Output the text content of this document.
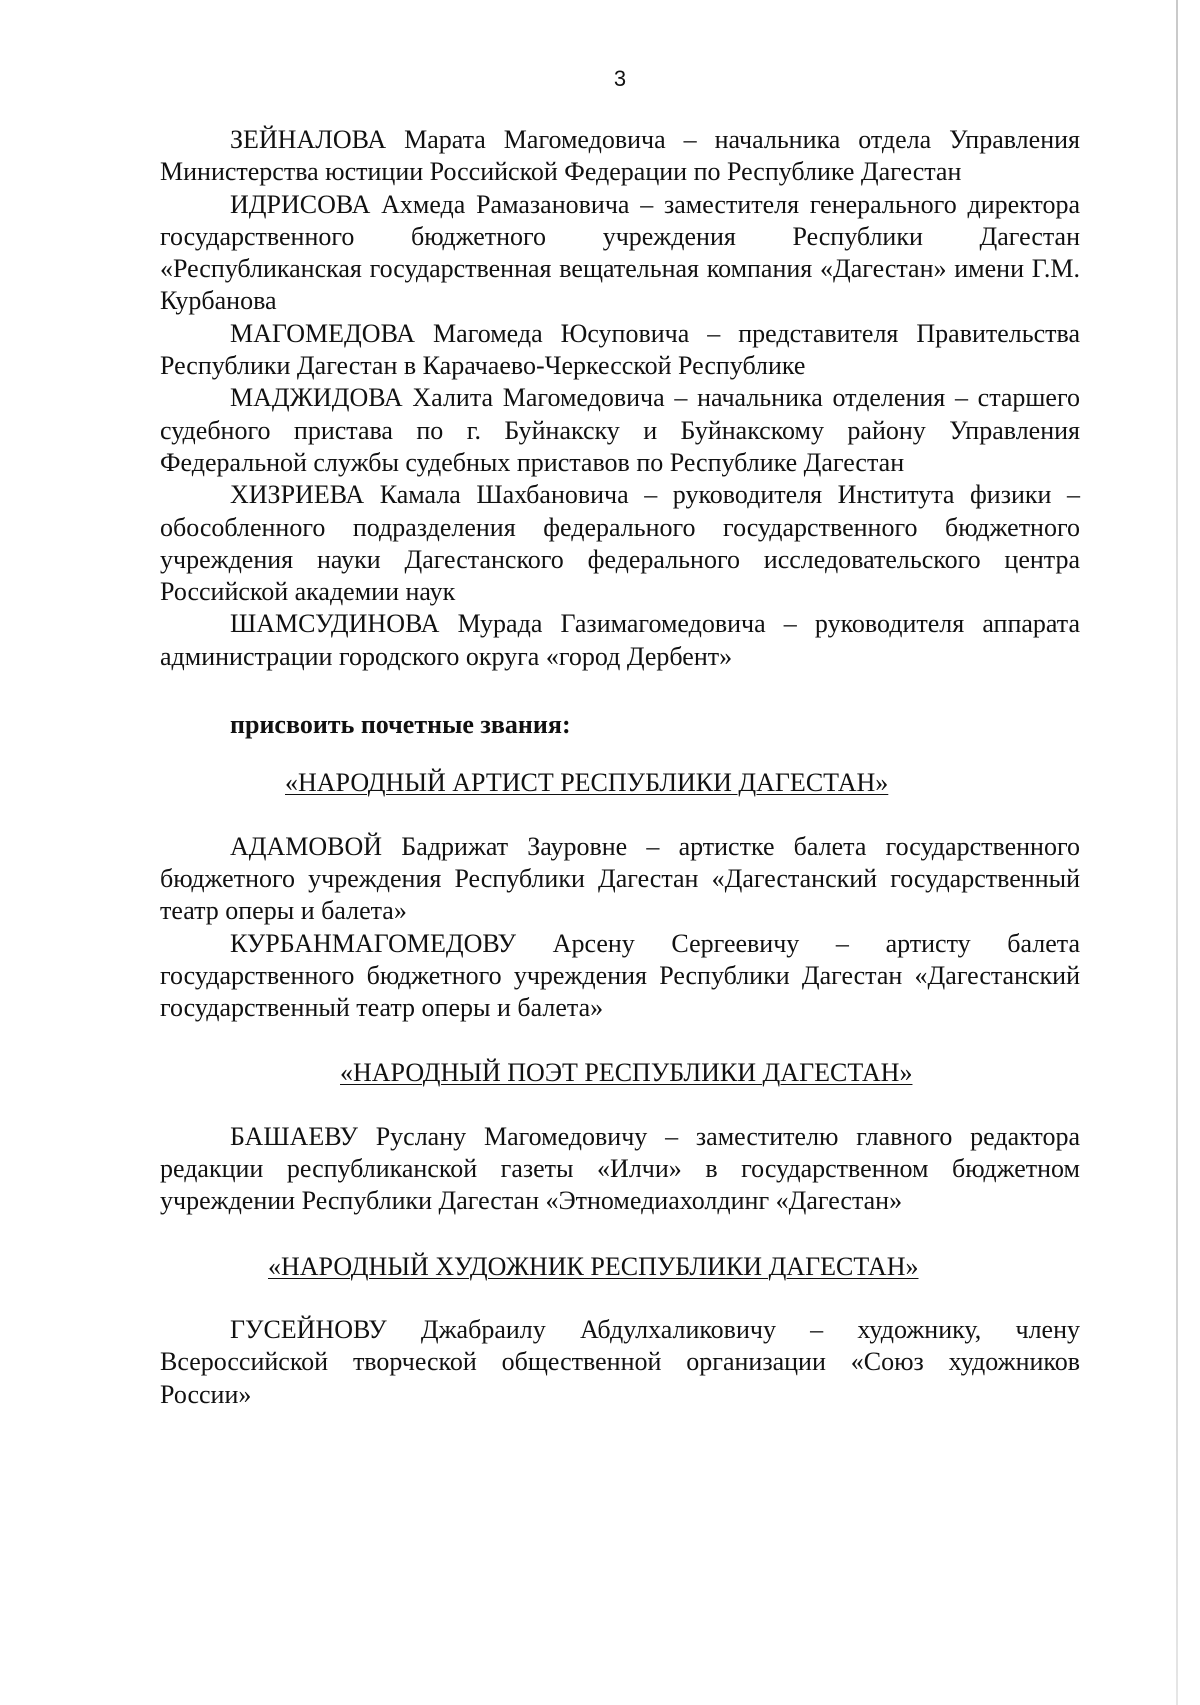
3

ЗЕЙНАЛОВА Марата Магомедовича – начальника отдела Управления Министерства юстиции Российской Федерации по Республике Дагестан

ИДРИСОВА Ахмеда Рамазановича – заместителя генерального директора государственного бюджетного учреждения Республики Дагестан «Республиканская государственная вещательная компания «Дагестан» имени Г.М. Курбанова

МАГОМЕДОВА Магомеда Юсуповича – представителя Правительства Республики Дагестан в Карачаево-Черкесской Республике

МАДЖИДОВА Халита Магомедовича – начальника отделения – старшего судебного пристава по г. Буйнакску и Буйнакскому району Управления Федеральной службы судебных приставов по Республике Дагестан

ХИЗРИЕВА Камала Шахбановича – руководителя Института физики – обособленного подразделения федерального государственного бюджетного учреждения науки Дагестанского федерального исследовательского центра Российской академии наук

ШАМСУДИНОВА Мурада Газимагомедовича – руководителя аппарата администрации городского округа «город Дербент»

присвоить почетные звания:

«НАРОДНЫЙ АРТИСТ РЕСПУБЛИКИ ДАГЕСТАН»

АДАМОВОЙ Бадрижат Зауровне – артистке балета государственного бюджетного учреждения Республики Дагестан «Дагестанский государственный театр оперы и балета»

КУРБАНМАГОМЕДОВУ Арсену Сергеевичу – артисту балета государственного бюджетного учреждения Республики Дагестан «Дагестанский государственный театр оперы и балета»

«НАРОДНЫЙ ПОЭТ РЕСПУБЛИКИ ДАГЕСТАН»

БАШАЕВУ Руслану Магомедовичу – заместителю главного редактора редакции республиканской газеты «Илчи» в государственном бюджетном учреждении Республики Дагестан «Этномедиахолдинг «Дагестан»

«НАРОДНЫЙ ХУДОЖНИК РЕСПУБЛИКИ ДАГЕСТАН»

ГУСЕЙНОВУ Джабраилу Абдулхаликовичу – художнику, члену Всероссийской творческой общественной организации «Союз художников России»
